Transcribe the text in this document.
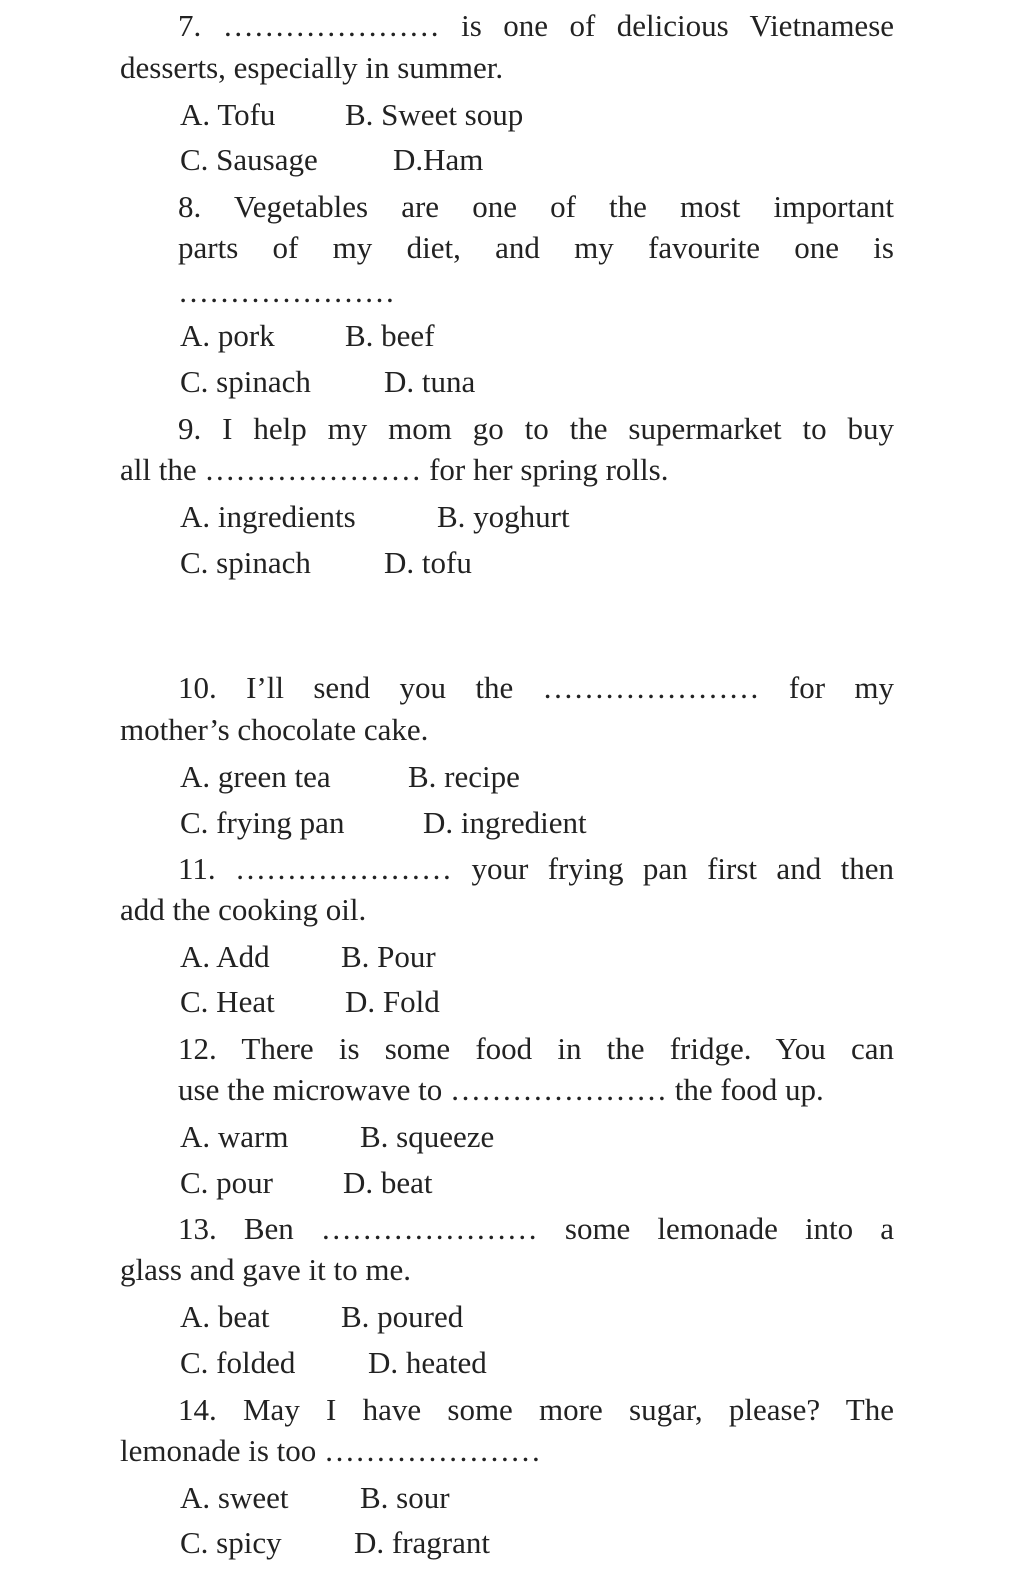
7. ………………… is one of delicious Vietnamese
desserts, especially in summer.
A. Tofu B. Sweet soup
C. Sausage D.Ham
8. Vegetables are one of the most important
parts of my diet, and my favourite one is
…………………
A. pork B. beef
C. spinach D. tuna
9. I help my mom go to the supermarket to buy
all the ………………… for her spring rolls.
A. ingredients	B. yoghurt
C. spinach D. tofu
10. I’ll send you the ………………… for my
mother’s chocolate cake.
A. green tea B. recipe
C. frying pan	D. ingredient
11. ………………… your frying pan first and then
add the cooking oil.
A. Add B. Pour
C. Heat D. Fold
12. There is some food in the fridge. You can
use the microwave to ………………… the food up.
A. warm B. squeeze
C. pour D. beat
13. Ben ………………… some lemonade into a
glass and gave it to me.
A. beat B. poured
C. folded D. heated
14. May I have some more sugar, please? The
lemonade is too …………………
A. sweet B. sour
C. spicy D. fragrant
